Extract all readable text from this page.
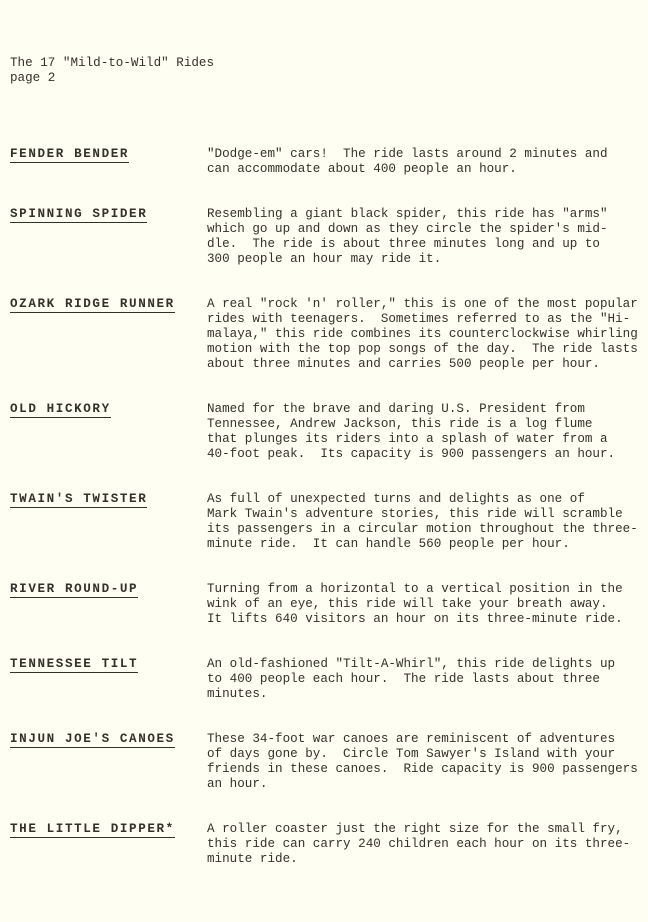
The 17 "Mild-to-Wild" Rides
page 2
FENDER BENDER	"Dodge-em" cars!  The ride lasts around 2 minutes and
can accommodate about 400 people an hour.
SPINNING SPIDER	Resembling a giant black spider, this ride has "arms"
which go up and down as they circle the spider's mid-
dle.  The ride is about three minutes long and up to
300 people an hour may ride it.
OZARK RIDGE RUNNER	A real "rock 'n' roller," this is one of the most popular
rides with teenagers.  Sometimes referred to as the "Hi-
malaya," this ride combines its counterclockwise whirling
motion with the top pop songs of the day.  The ride lasts
about three minutes and carries 500 people per hour.
OLD HICKORY	Named for the brave and daring U.S. President from
Tennessee, Andrew Jackson, this ride is a log flume
that plunges its riders into a splash of water from a
40-foot peak.  Its capacity is 900 passengers an hour.
TWAIN'S TWISTER	As full of unexpected turns and delights as one of
Mark Twain's adventure stories, this ride will scramble
its passengers in a circular motion throughout the three-
minute ride.  It can handle 560 people per hour.
RIVER ROUND-UP	Turning from a horizontal to a vertical position in the
wink of an eye, this ride will take your breath away.
It lifts 640 visitors an hour on its three-minute ride.
TENNESSEE TILT	An old-fashioned "Tilt-A-Whirl", this ride delights up
to 400 people each hour.  The ride lasts about three
minutes.
INJUN JOE'S CANOES	These 34-foot war canoes are reminiscent of adventures
of days gone by.  Circle Tom Sawyer's Island with your
friends in these canoes.  Ride capacity is 900 passengers
an hour.
THE LITTLE DIPPER*	A roller coaster just the right size for the small fry,
this ride can carry 240 children each hour on its three-
minute ride.
